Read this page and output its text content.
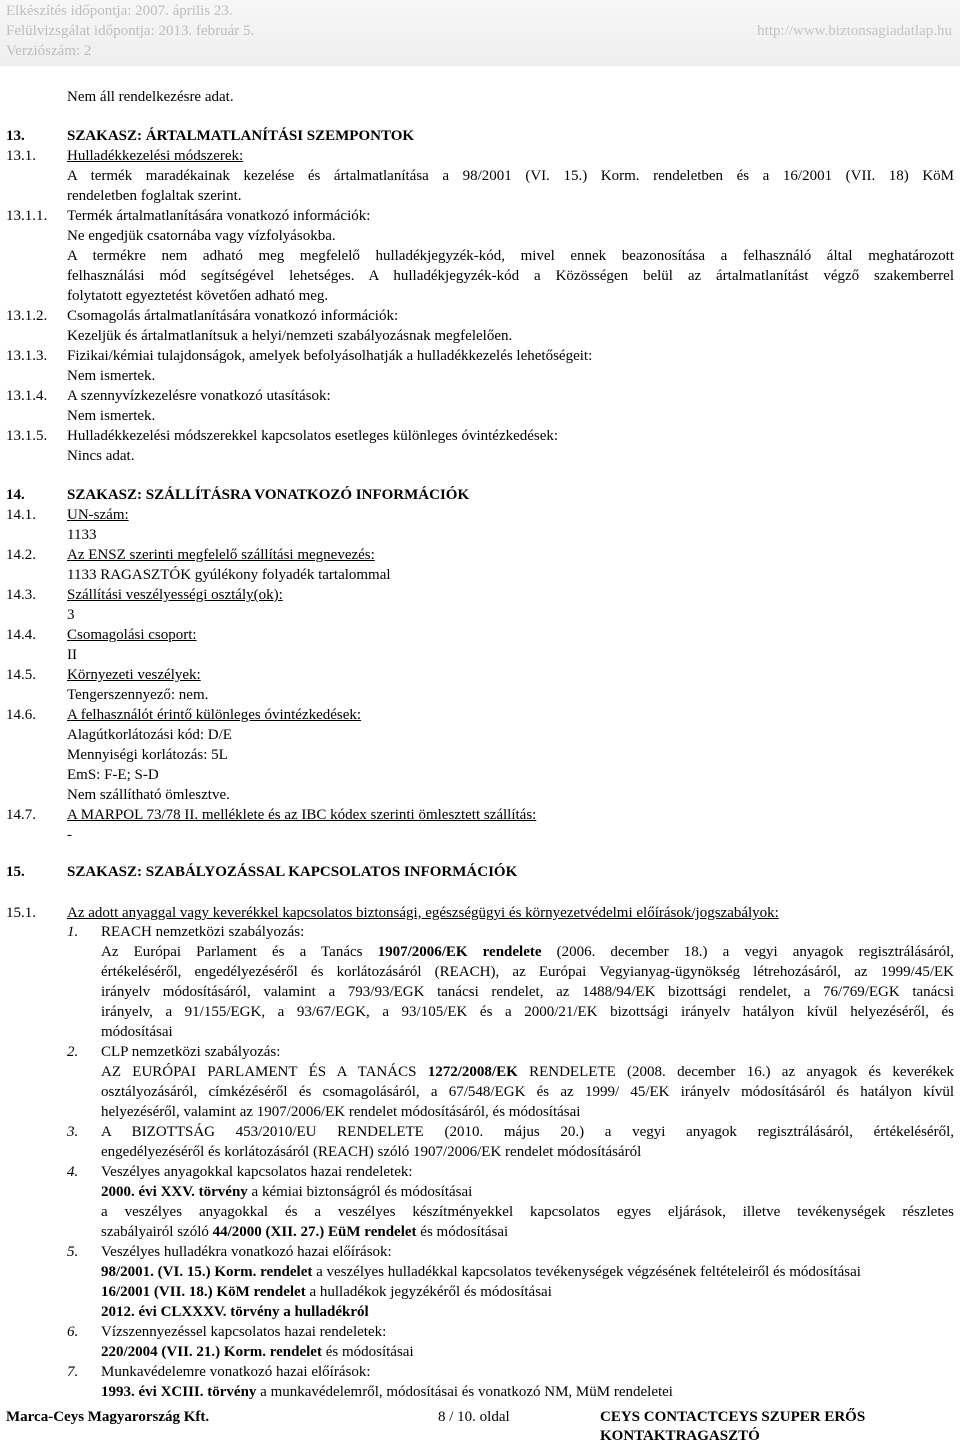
Elkészítés időpontja: 2007. április 23.
Felülvizsgálat időpontja: 2013. február 5.
Verziószám: 2
http://www.biztonsagiadatlap.hu
Nem áll rendelkezésre adat.
13.	SZAKASZ: ÁRTALMATLANÍTÁSI SZEMPONTOK
13.1. Hulladékkezelési módszerek:
A termék maradékainak kezelése és ártalmatlanítása a 98/2001 (VI. 15.) Korm. rendeletben és a 16/2001 (VII. 18) KöM
rendeletben foglaltak szerint.
13.1.1. Termék ártalmatlanítására vonatkozó információk:
Ne engedjük csatornába vagy vízfolyásokba.
A termékre nem adható meg megfelelő hulladékjegyzék-kód, mivel ennek beazonosítása a felhasználó által meghatározott
felhasználási mód segítségével lehetséges. A hulladékjegyzék-kód a Közösségen belül az ártalmatlanítást végző szakemberrel
folytatott egyeztetést követően adható meg.
13.1.2. Csomagolás ártalmatlanítására vonatkozó információk:
Kezeljük és ártalmatlanítsuk a helyi/nemzeti szabályozásnak megfelelően.
13.1.3. Fizikai/kémiai tulajdonságok, amelyek befolyásolhatják a hulladékkezelés lehetőségeit:
Nem ismertek.
13.1.4. A szennyvízkezelésre vonatkozó utasítások:
Nem ismertek.
13.1.5. Hulladékkezelési módszerekkel kapcsolatos esetleges különleges óvintézkedések:
Nincs adat.
14.	SZAKASZ: SZÁLLÍTÁSRA VONATKOZÓ INFORMÁCIÓK
14.1. UN-szám:
1133
14.2. Az ENSZ szerinti megfelelő szállítási megnevezés:
1133 RAGASZTÓK gyúlékony folyadék tartalommal
14.3. Szállítási veszélyességi osztály(ok):
3
14.4. Csomagolási csoport:
II
14.5. Környezeti veszélyek:
Tengerszennyező: nem.
14.6. A felhasználót érintő különleges óvintézkedések:
Alagútkorlátozási kód: D/E
Mennyiségi korlátozás: 5L
EmS: F-E; S-D
Nem szállítható ömlesztve.
14.7. A MARPOL 73/78 II. melléklete és az IBC kódex szerinti ömlesztett szállítás:
-
15.	SZAKASZ: SZABÁLYOZÁSSAL KAPCSOLATOS INFORMÁCIÓK
15.1. Az adott anyaggal vagy keverékkel kapcsolatos biztonsági, egészségügyi és környezetvédelmi előírások/jogszabályok:
1. REACH nemzetközi szabályozás:
Az Európai Parlament és a Tanács 1907/2006/EK rendelete (2006. december 18.) a vegyi anyagok regisztrálásáról,
értékeléséről, engedélyezéséről és korlátozásáról (REACH), az Európai Vegyianyag-ügynökség létrehozásáról, az 1999/45/EK
irányelv módosításáról, valamint a 793/93/EGK tanácsi rendelet, az 1488/94/EK bizottsági rendelet, a 76/769/EGK tanácsi
irányelv, a 91/155/EGK, a 93/67/EGK, a 93/105/EK és a 2000/21/EK bizottsági irányelv hatályon kívül helyezéséről, és
módosításai
2. CLP nemzetközi szabályozás:
AZ EURÓPAI PARLAMENT ÉS A TANÁCS 1272/2008/EK RENDELETE (2008. december 16.) az anyagok és keverékek
osztályozásáról, címkézéséről és csomagolásáról, a 67/548/EGK és az 1999/ 45/EK irányelv módosításáról és hatályon kívül
helyezéséről, valamint az 1907/2006/EK rendelet módosításáról, és módosításai
3. A BIZOTTSÁG 453/2010/EU RENDELETE (2010. május 20.) a vegyi anyagok regisztrálásáról, értékeléséről,
engedélyezéséről és korlátozásáról (REACH) szóló 1907/2006/EK rendelet módosításáról
4. Veszélyes anyagokkal kapcsolatos hazai rendeletek:
2000. évi XXV. törvény a kémiai biztonságról és módosításai
a veszélyes anyagokkal és a veszélyes készítményekkel kapcsolatos egyes eljárások, illetve tevékenységek részletes
szabályairól szóló 44/2000 (XII. 27.) EüM rendelet és módosításai
5. Veszélyes hulladékra vonatkozó hazai előírások:
98/2001. (VI. 15.) Korm. rendelet a veszélyes hulladékkal kapcsolatos tevékenységek végzésének feltételeiről és módosításai
16/2001 (VII. 18.) KöM rendelet a hulladékok jegyzékéről és módosításai
2012. évi CLXXXV. törvény a hulladékról
6. Vízszennyezéssel kapcsolatos hazai rendeletek:
220/2004 (VII. 21.) Korm. rendelet és módosításai
7. Munkavédelemre vonatkozó hazai előírások:
1993. évi XCIII. törvény a munkavédelemről, módosításai és vonatkozó NM, MüM rendeletei
Marca-Ceys Magyarország Kft.	8 / 10. oldal	CEYS CONTACTCEYS SZUPER ERŐS KONTAKTRAGASZTÓ
